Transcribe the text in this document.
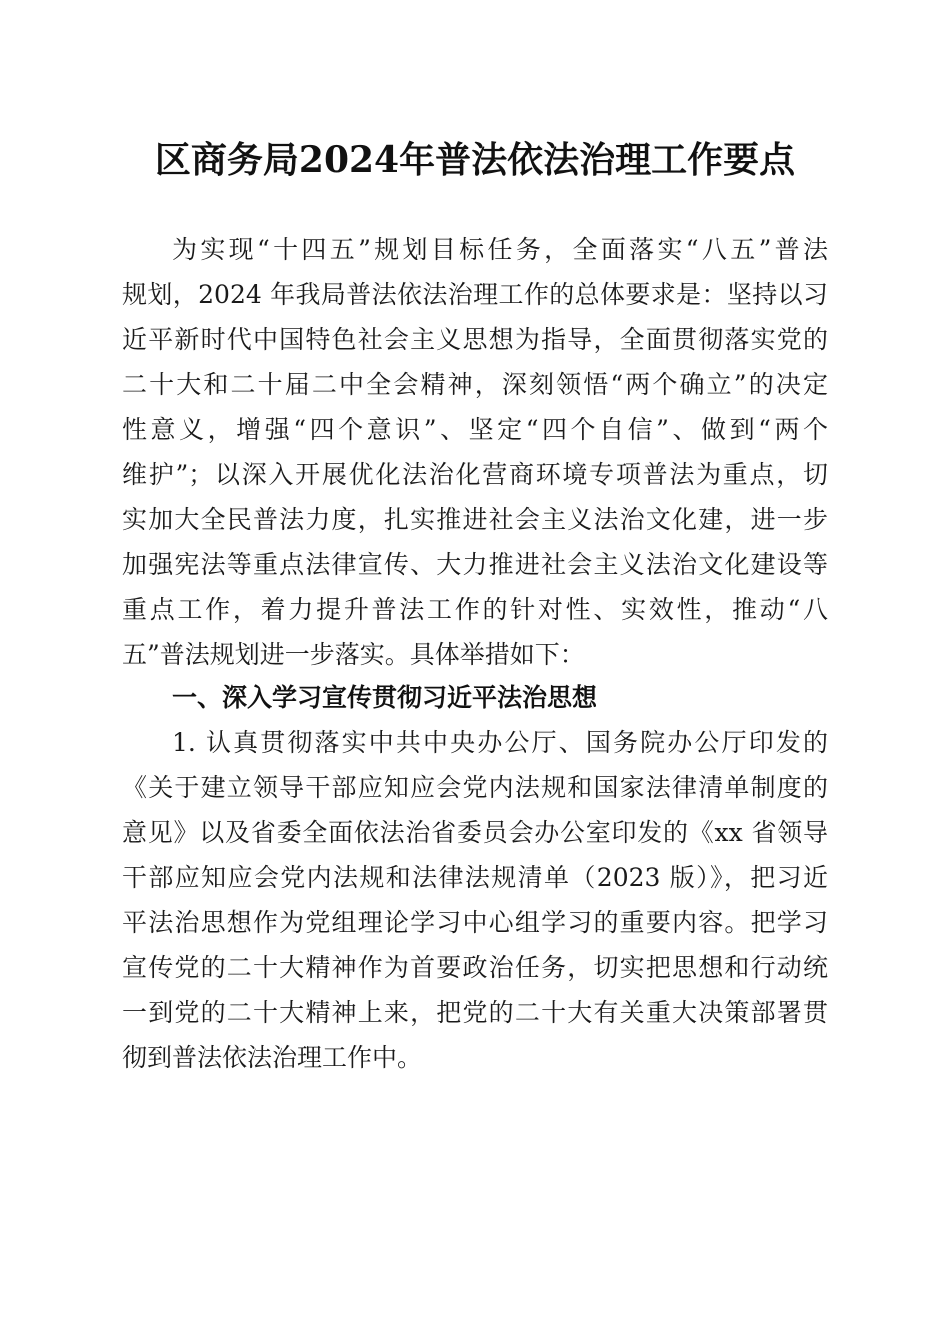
区商务局2024年普法依法治理工作要点
为实现“十四五”规划目标任务，全面落实“八五”普法
规划，2024 年我局普法依法治理工作的总体要求是：坚持以习
近平新时代中国特色社会主义思想为指导，全面贯彻落实党的
二十大和二十届二中全会精神，深刻领悟“两个确立”的决定
性意义，增强“四个意识”、坚定“四个自信”、做到“两个
维护”；以深入开展优化法治化营商环境专项普法为重点，切
实加大全民普法力度，扎实推进社会主义法治文化建，进一步
加强宪法等重点法律宣传、大力推进社会主义法治文化建设等
重点工作，着力提升普法工作的针对性、实效性，推动“八
五”普法规划进一步落实。具体举措如下：
一、深入学习宣传贯彻习近平法治思想
1. 认真贯彻落实中共中央办公厅、国务院办公厅印发的
《关于建立领导干部应知应会党内法规和国家法律清单制度的
意见》以及省委全面依法治省委员会办公室印发的《xx 省领导
干部应知应会党内法规和法律法规清单（2023 版）》，把习近
平法治思想作为党组理论学习中心组学习的重要内容。把学习
宣传党的二十大精神作为首要政治任务，切实把思想和行动统
一到党的二十大精神上来，把党的二十大有关重大决策部署贯
彻到普法依法治理工作中。
